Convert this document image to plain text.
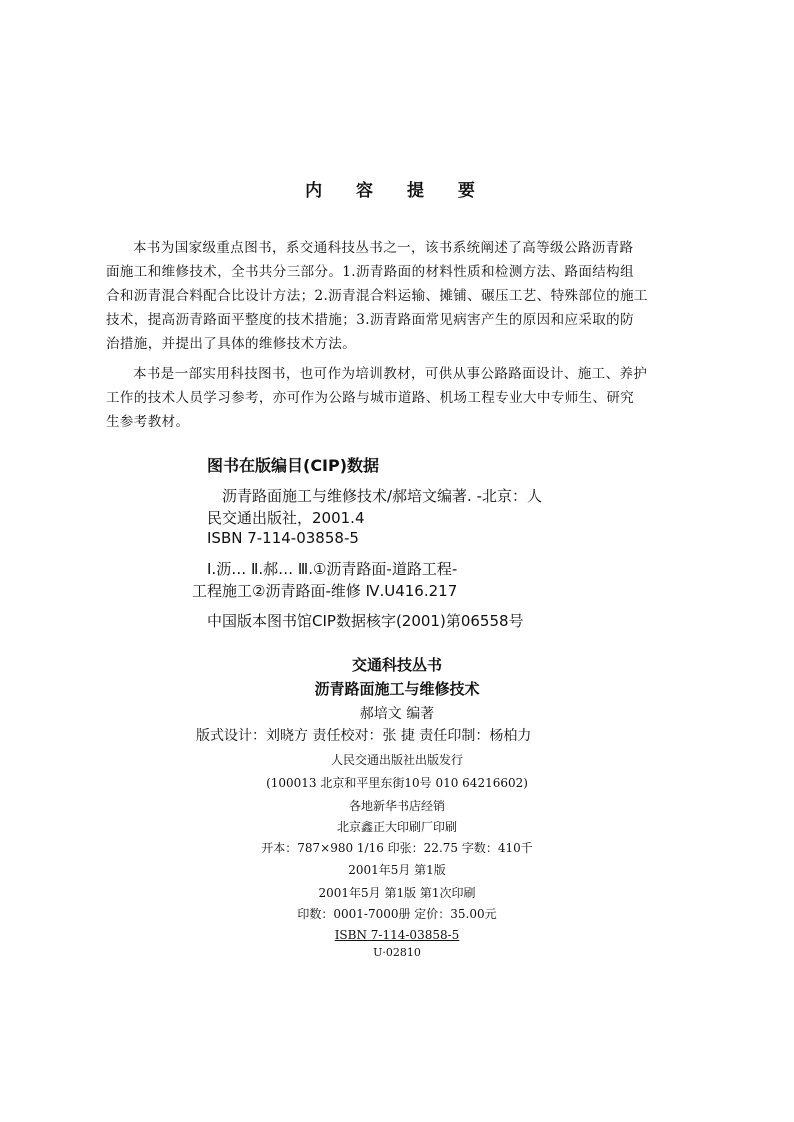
内 容 提 要
本书为国家级重点图书，系交通科技丛书之一，该书系统阐述了高等级公路沥青路
面施工和维修技术，全书共分三部分。1.沥青路面的材料性质和检测方法、路面结构组
合和沥青混合料配合比设计方法；2.沥青混合料运输、摊铺、碾压工艺、特殊部位的施工
技术，提高沥青路面平整度的技术措施；3.沥青路面常见病害产生的原因和应采取的防
治措施，并提出了具体的维修技术方法。
本书是一部实用科技图书，也可作为培训教材，可供从事公路路面设计、施工、养护
工作的技术人员学习参考，亦可作为公路与城市道路、机场工程专业大中专师生、研究
生参考教材。
图书在版编目(CIP)数据
沥青路面施工与维修技术/郝培文编著. -北京：人
民交通出版社，2001.4
ISBN 7-114-03858-5
Ⅰ.沥… Ⅱ.郝… Ⅲ.①沥青路面-道路工程-
工程施工②沥青路面-维修 Ⅳ.U416.217
中国版本图书馆CIP数据核字(2001)第06558号
交通科技丛书
沥青路面施工与维修技术
郝培文 编著
版式设计：刘晓方 责任校对：张 捷 责任印制：杨柏力
人民交通出版社出版发行
(100013 北京和平里东街10号 010 64216602)
各地新华书店经销
北京鑫正大印刷厂印刷
开本：787×980 1/16 印张：22.75 字数：410千
2001年5月 第1版
2001年5月 第1版 第1次印刷
印数：0001-7000册 定价：35.00元
ISBN 7-114-03858-5
U·02810
